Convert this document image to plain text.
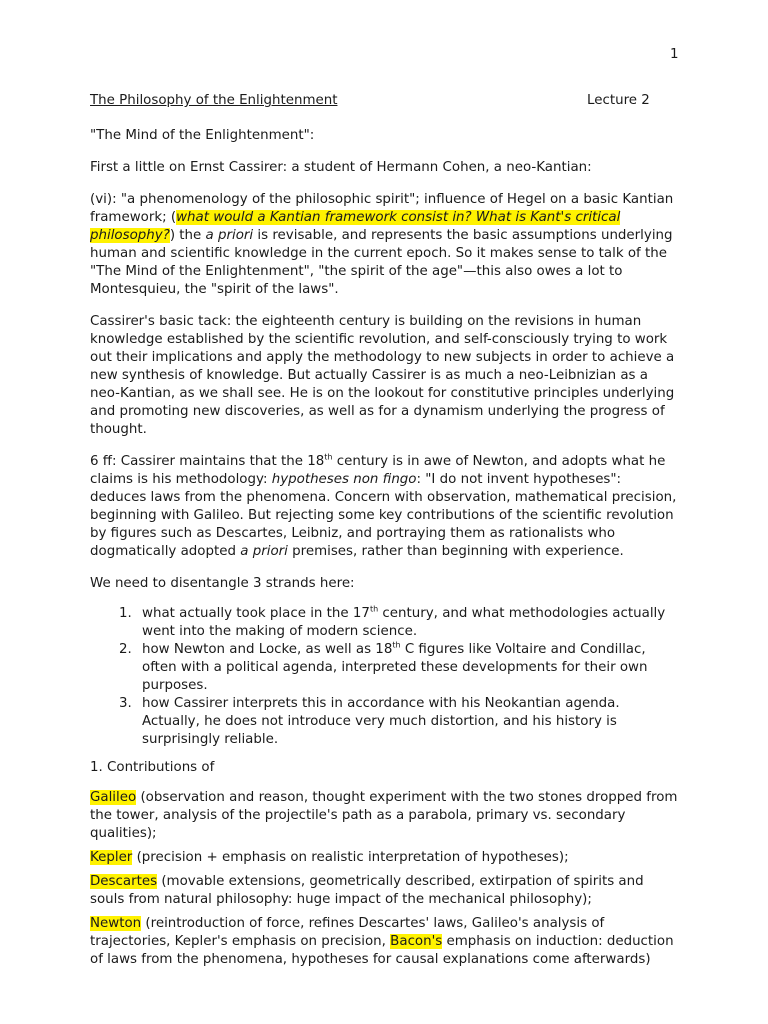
1
The Philosophy of the Enlightenment	Lecture 2

"The Mind of the Enlightenment":

First a little on Ernst Cassirer: a student of Hermann Cohen, a neo-Kantian:

(vi): "a phenomenology of the philosophic spirit"; influence of Hegel on a basic Kantian framework; (what would a Kantian framework consist in? What is Kant's critical philosophy?) the a priori is revisable, and represents the basic assumptions underlying human and scientific knowledge in the current epoch. So it makes sense to talk of the "The Mind of the Enlightenment", "the spirit of the age"—this also owes a lot to Montesquieu, the "spirit of the laws".

Cassirer's basic tack: the eighteenth century is building on the revisions in human knowledge established by the scientific revolution, and self-consciously trying to work out their implications and apply the methodology to new subjects in order to achieve a new synthesis of knowledge. But actually Cassirer is as much a neo-Leibnizian as a neo-Kantian, as we shall see. He is on the lookout for constitutive principles underlying and promoting new discoveries, as well as for a dynamism underlying the progress of thought.

6 ff: Cassirer maintains that the 18th century is in awe of Newton, and adopts what he claims is his methodology: hypotheses non fingo: "I do not invent hypotheses": deduces laws from the phenomena. Concern with observation, mathematical precision, beginning with Galileo. But rejecting some key contributions of the scientific revolution by figures such as Descartes, Leibniz, and portraying them as rationalists who dogmatically adopted a priori premises, rather than beginning with experience.

We need to disentangle 3 strands here:

1. what actually took place in the 17th century, and what methodologies actually went into the making of modern science.
2. how Newton and Locke, as well as 18th C figures like Voltaire and Condillac, often with a political agenda, interpreted these developments for their own purposes.
3. how Cassirer interprets this in accordance with his Neokantian agenda. Actually, he does not introduce very much distortion, and his history is surprisingly reliable.

1. Contributions of

Galileo (observation and reason, thought experiment with the two stones dropped from the tower, analysis of the projectile's path as a parabola, primary vs. secondary qualities);

Kepler (precision + emphasis on realistic interpretation of hypotheses);

Descartes (movable extensions, geometrically described, extirpation of spirits and souls from natural philosophy: huge impact of the mechanical philosophy);

Newton (reintroduction of force, refines Descartes' laws, Galileo's analysis of trajectories, Kepler's emphasis on precision, Bacon's emphasis on induction: deduction of laws from the phenomena, hypotheses for causal explanations come afterwards)
